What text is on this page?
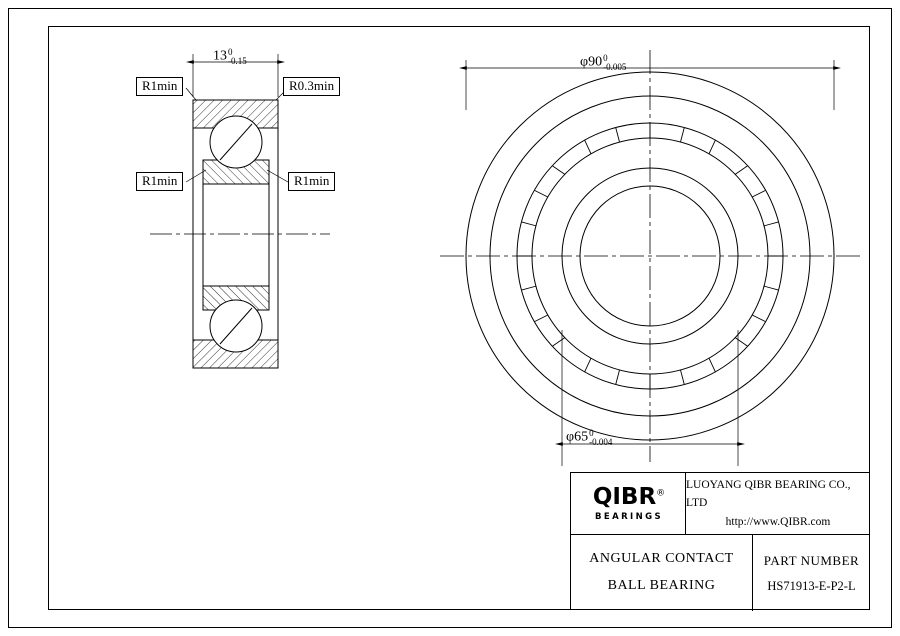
13 0
-0.15	φ90 0
-0.005
φ65 0
-0.004
R1min	R0.3min
R1min	R1min
QIBR®
BEARINGS
LUOYANG QIBR BEARING CO., LTD
http://www.QIBR.com
ANGULAR CONTACT
BALL BEARING
PART NUMBER
HS71913-E-P2-L
